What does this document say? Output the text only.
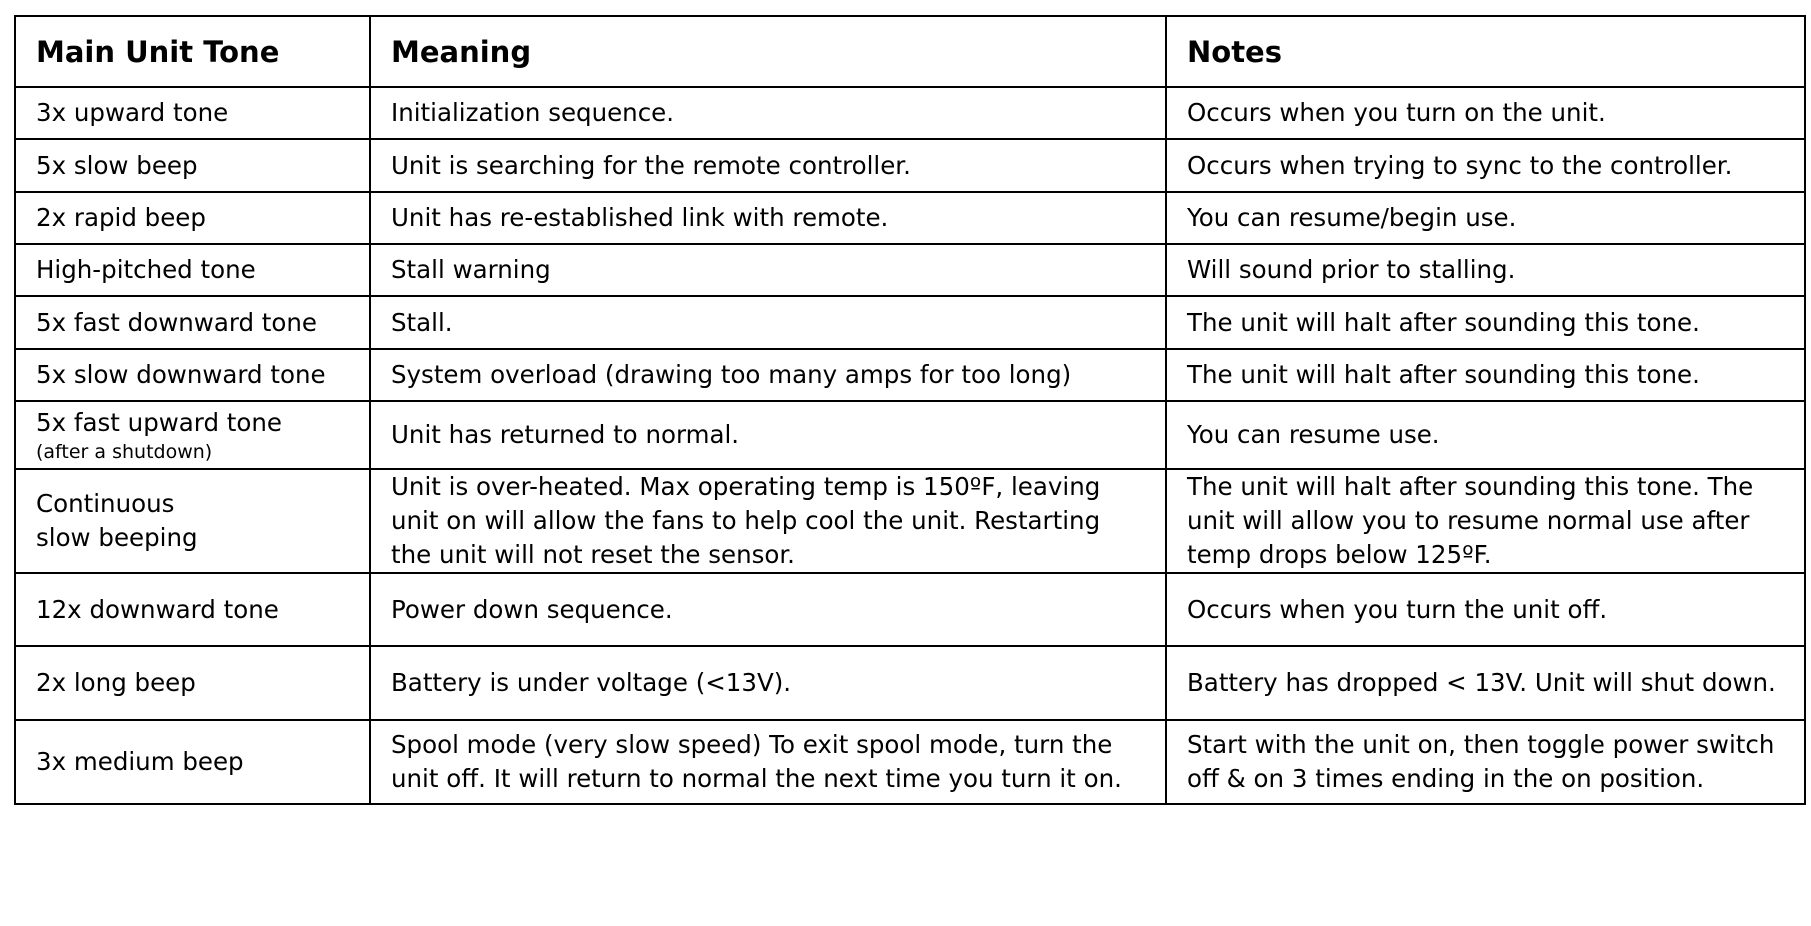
Main Unit Tone	Meaning	Notes

3x upward tone	Initialization sequence.	Occurs when you turn on the unit.

5x slow beep	Unit is searching for the remote controller.	Occurs when trying to sync to the controller.

2x rapid beep	Unit has re-established link with remote.	You can resume/begin use.

High-pitched tone	Stall warning	Will sound prior to stalling.

5x fast downward tone	Stall.	The unit will halt after sounding this tone.

5x slow downward tone	System overload (drawing too many amps for too long)	The unit will halt after sounding this tone.

5x fast upward tone
(after a shutdown)	Unit has returned to normal.	You can resume use.

Continuous
slow beeping	Unit is over-heated. Max operating temp is 150ºF, leaving unit on will allow the fans to help cool the unit. Restarting the unit will not reset the sensor.	The unit will halt after sounding this tone. The unit will allow you to resume normal use after temp drops below 125ºF.

12x downward tone	Power down sequence.	Occurs when you turn the unit off.

2x long beep	Battery is under voltage (<13V).	Battery has dropped < 13V. Unit will shut down.

3x medium beep	Spool mode (very slow speed) To exit spool mode, turn the unit off. It will return to normal the next time you turn it on.	Start with the unit on, then toggle power switch off & on 3 times ending in the on position.
